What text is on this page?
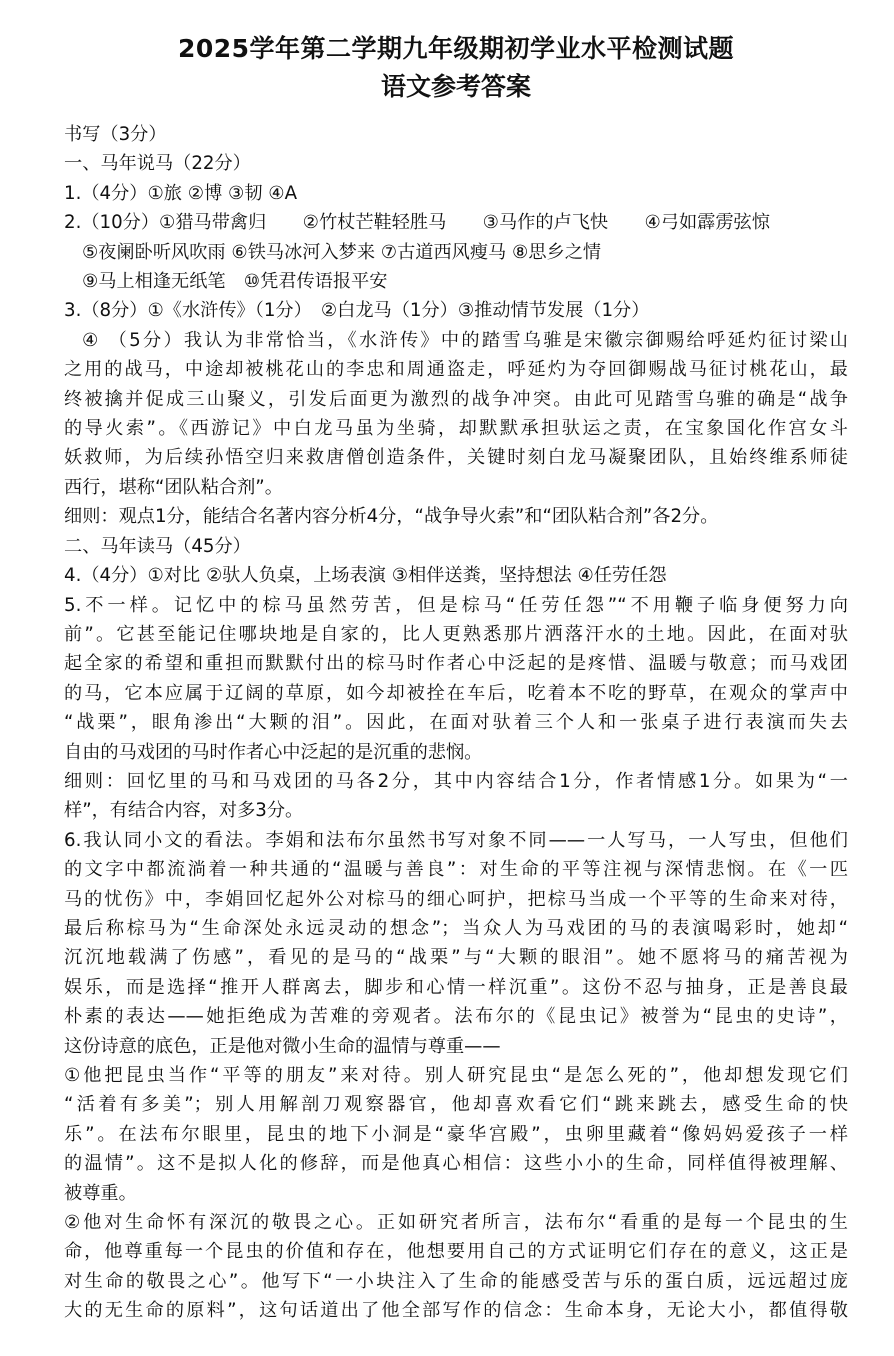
2025学年第二学期九年级期初学业水平检测试题
语文参考答案

书写（3分）

一、马年说马（22分）

1.（4分）①旅 ②博 ③韧 ④A

2.（10分）①猎马带禽归　　②竹杖芒鞋轻胜马　　③马作的卢飞快　　④弓如霹雳弦惊

⑤夜阑卧听风吹雨 ⑥铁马冰河入梦来 ⑦古道西风瘦马 ⑧思乡之情

⑨马上相逢无纸笔　⑩凭君传语报平安

3.（8分）①《水浒传》（1分）　②白龙马（1分）③推动情节发展（1分）

④ （5分）我认为非常恰当，《水浒传》中的踏雪乌骓是宋徽宗御赐给呼延灼征讨梁山

之用的战马，中途却被桃花山的李忠和周通盗走，呼延灼为夺回御赐战马征讨桃花山，最

终被擒并促成三山聚义，引发后面更为激烈的战争冲突。由此可见踏雪乌骓的确是“战争

的导火索”。《西游记》中白龙马虽为坐骑，却默默承担驮运之责，在宝象国化作宫女斗

妖救师，为后续孙悟空归来救唐僧创造条件，关键时刻白龙马凝聚团队，且始终维系师徒

西行，堪称“团队粘合剂”。

细则：观点1分，能结合名著内容分析4分，“战争导火索”和“团队粘合剂”各2分。

二、马年读马（45分）

4.（4分）①对比 ②驮人负桌，上场表演 ③相伴送粪，坚持想法 ④任劳任怨

5.不一样。记忆中的棕马虽然劳苦，但是棕马“任劳任怨”“不用鞭子临身便努力向

前”。它甚至能记住哪块地是自家的，比人更熟悉那片洒落汗水的土地。因此，在面对驮

起全家的希望和重担而默默付出的棕马时作者心中泛起的是疼惜、温暖与敬意；而马戏团

的马，它本应属于辽阔的草原，如今却被拴在车后，吃着本不吃的野草，在观众的掌声中

“战栗”，眼角渗出“大颗的泪”。因此，在面对驮着三个人和一张桌子进行表演而失去

自由的马戏团的马时作者心中泛起的是沉重的悲悯。

细则：回忆里的马和马戏团的马各2分，其中内容结合1分，作者情感1分。如果为“一

样”，有结合内容，对多3分。

6.我认同小文的看法。李娟和法布尔虽然书写对象不同——一人写马，一人写虫，但他们

的文字中都流淌着一种共通的“温暖与善良”：对生命的平等注视与深情悲悯。在《一匹

马的忧伤》中，李娟回忆起外公对棕马的细心呵护，把棕马当成一个平等的生命来对待，

最后称棕马为“生命深处永远灵动的想念”；当众人为马戏团的马的表演喝彩时，她却“

沉沉地载满了伤感”，看见的是马的“战栗”与“大颗的眼泪”。她不愿将马的痛苦视为

娱乐，而是选择“推开人群离去，脚步和心情一样沉重”。这份不忍与抽身，正是善良最

朴素的表达——她拒绝成为苦难的旁观者。法布尔的《昆虫记》被誉为“昆虫的史诗”，

这份诗意的底色，正是他对微小生命的温情与尊重——

①他把昆虫当作“平等的朋友”来对待。别人研究昆虫“是怎么死的”，他却想发现它们

“活着有多美”；别人用解剖刀观察器官，他却喜欢看它们“跳来跳去，感受生命的快

乐”。在法布尔眼里，昆虫的地下小洞是“豪华宫殿”，虫卵里藏着“像妈妈爱孩子一样

的温情”。这不是拟人化的修辞，而是他真心相信：这些小小的生命，同样值得被理解、

被尊重。

②他对生命怀有深沉的敬畏之心。正如研究者所言，法布尔“看重的是每一个昆虫的生

命，他尊重每一个昆虫的价值和存在，他想要用自己的方式证明它们存在的意义，这正是

对生命的敬畏之心”。他写下“一小块注入了生命的能感受苦与乐的蛋白质，远远超过庞

大的无生命的原料”，这句话道出了他全部写作的信念：生命本身，无论大小，都值得敬
